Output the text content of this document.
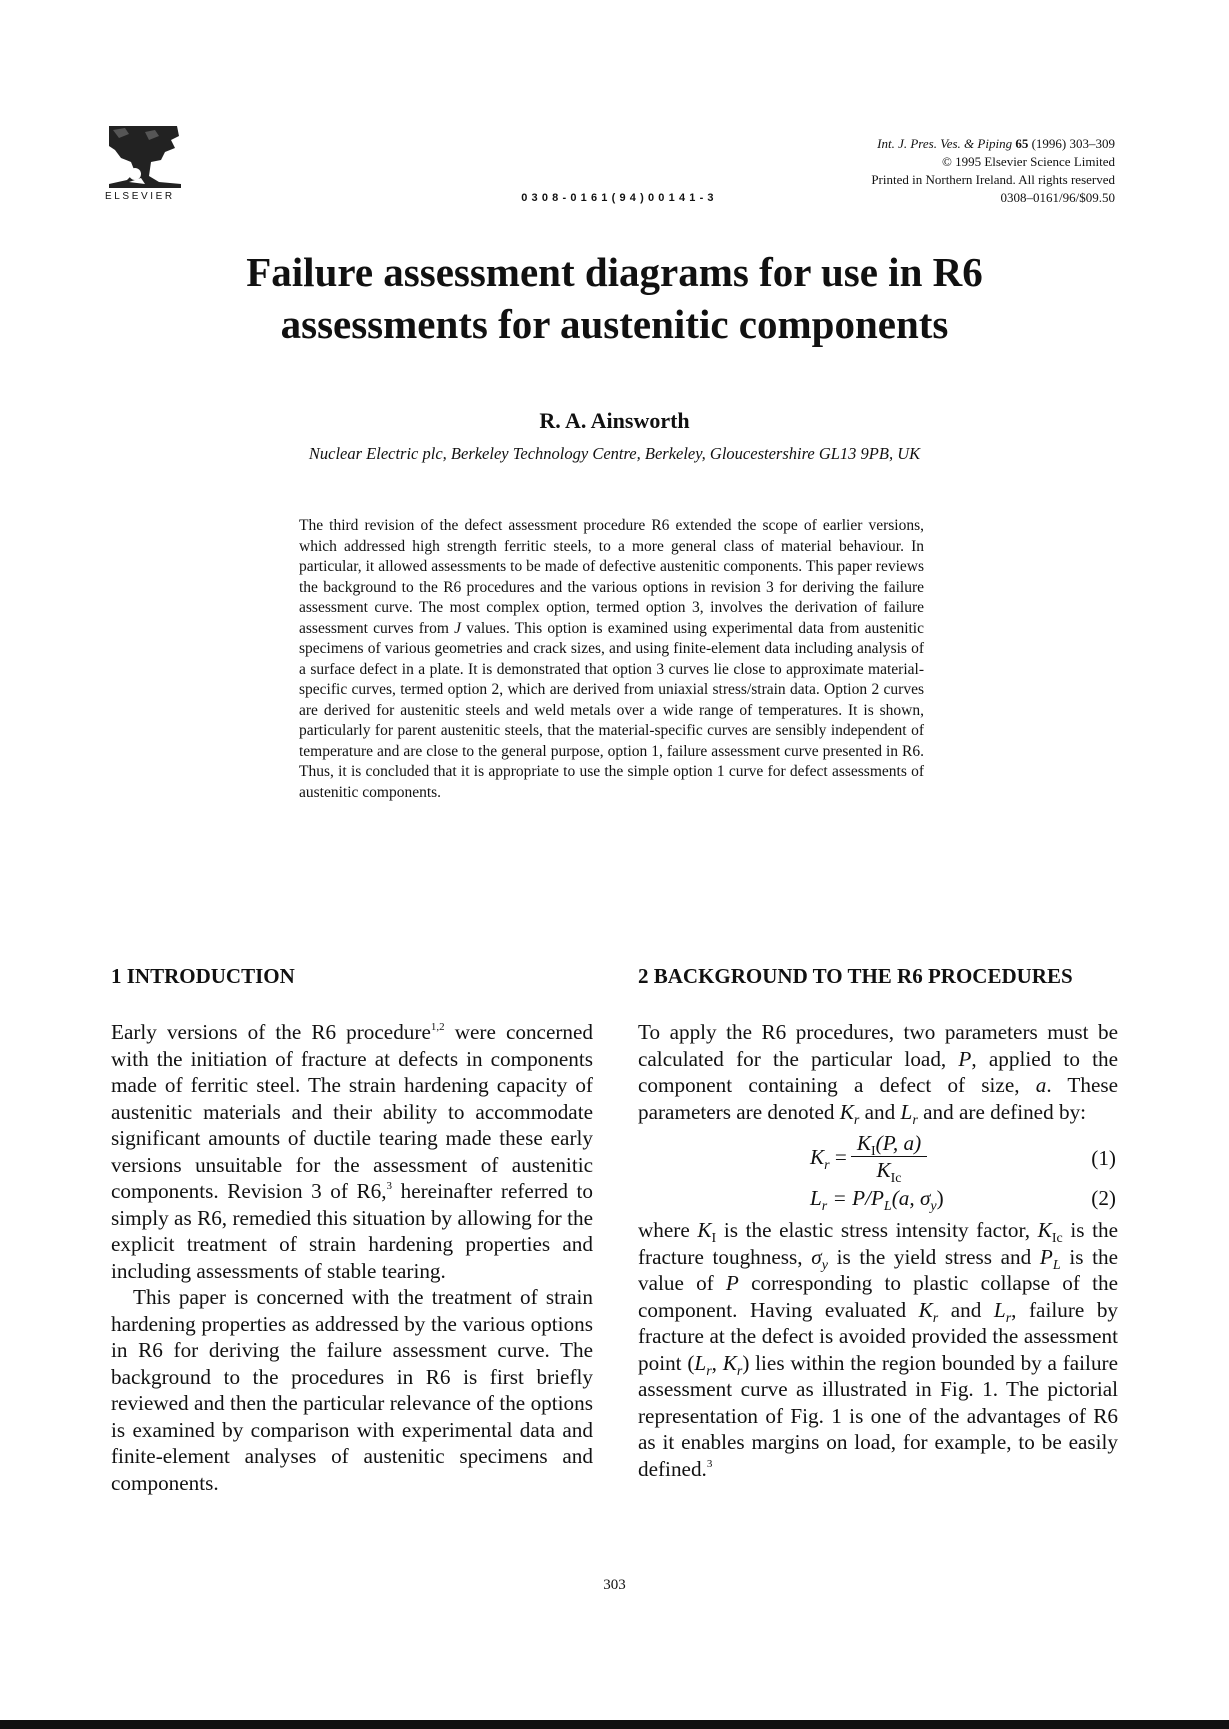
ELSEVIER	0308-0161(94)00141-3
Int. J. Pres. Ves. & Piping 65 (1996) 303–309
© 1995 Elsevier Science Limited
Printed in Northern Ireland. All rights reserved
0308–0161/96/$09.50
Failure assessment diagrams for use in R6
assessments for austenitic components
R. A. Ainsworth
Nuclear Electric plc, Berkeley Technology Centre, Berkeley, Gloucestershire GL13 9PB, UK
The third revision of the defect assessment procedure R6 extended the scope of earlier versions, which addressed high strength ferritic steels, to a more general class of material behaviour. In particular, it allowed assessments to be made of defective austenitic components. This paper reviews the background to the R6 procedures and the various options in revision 3 for deriving the failure assessment curve. The most complex option, termed option 3, involves the derivation of failure assessment curves from J values. This option is examined using experimental data from austenitic specimens of various geometries and crack sizes, and using finite-element data including analysis of a surface defect in a plate. It is demonstrated that option 3 curves lie close to approximate material-specific curves, termed option 2, which are derived from uniaxial stress/strain data. Option 2 curves are derived for austenitic steels and weld metals over a wide range of temperatures. It is shown, particularly for parent austenitic steels, that the material-specific curves are sensibly independent of temperature and are close to the general purpose, option 1, failure assessment curve presented in R6. Thus, it is concluded that it is appropriate to use the simple option 1 curve for defect assessments of austenitic components.
1 INTRODUCTION

Early versions of the R6 procedure$^{1,2}$ were concerned with the initiation of fracture at defects in components made of ferritic steel. The strain hardening capacity of austenitic materials and their ability to accommodate significant amounts of ductile tearing made these early versions unsuitable for the assessment of austenitic components. Revision 3 of R6,$^3$ hereinafter referred to simply as R6, remedied this situation by allowing for the explicit treatment of strain hardening properties and including assessments of stable tearing.

This paper is concerned with the treatment of strain hardening properties as addressed by the various options in R6 for deriving the failure assessment curve. The background to the procedures in R6 is first briefly reviewed and then the particular relevance of the options is examined by comparison with experimental data and finite-element analyses of austenitic specimens and components.

2 BACKGROUND TO THE R6 PROCEDURES

To apply the R6 procedures, two parameters must be calculated for the particular load, P, applied to the component containing a defect of size, a. These parameters are denoted $K_r$ and $L_r$ and are defined by:

$K_r = \frac{K_I(P, a)}{K_{Ic}}$	(1)
$L_r = P/P_L(a$, $\sigma_y$)	(2)

where $K_I$ is the elastic stress intensity factor, $K_{Ic}$ is the fracture toughness, $\sigma_y$ is the yield stress and $P_L$ is the value of P corresponding to plastic collapse of the component. Having evaluated $K_r$ and $L_r$, failure by fracture at the defect is avoided provided the assessment point ($L_r$, $K_r$) lies within the region bounded by a failure assessment curve as illustrated in Fig. 1. The pictorial representation of Fig. 1 is one of the advantages of R6 as it enables margins on load, for example, to be easily defined.$^3$

303
